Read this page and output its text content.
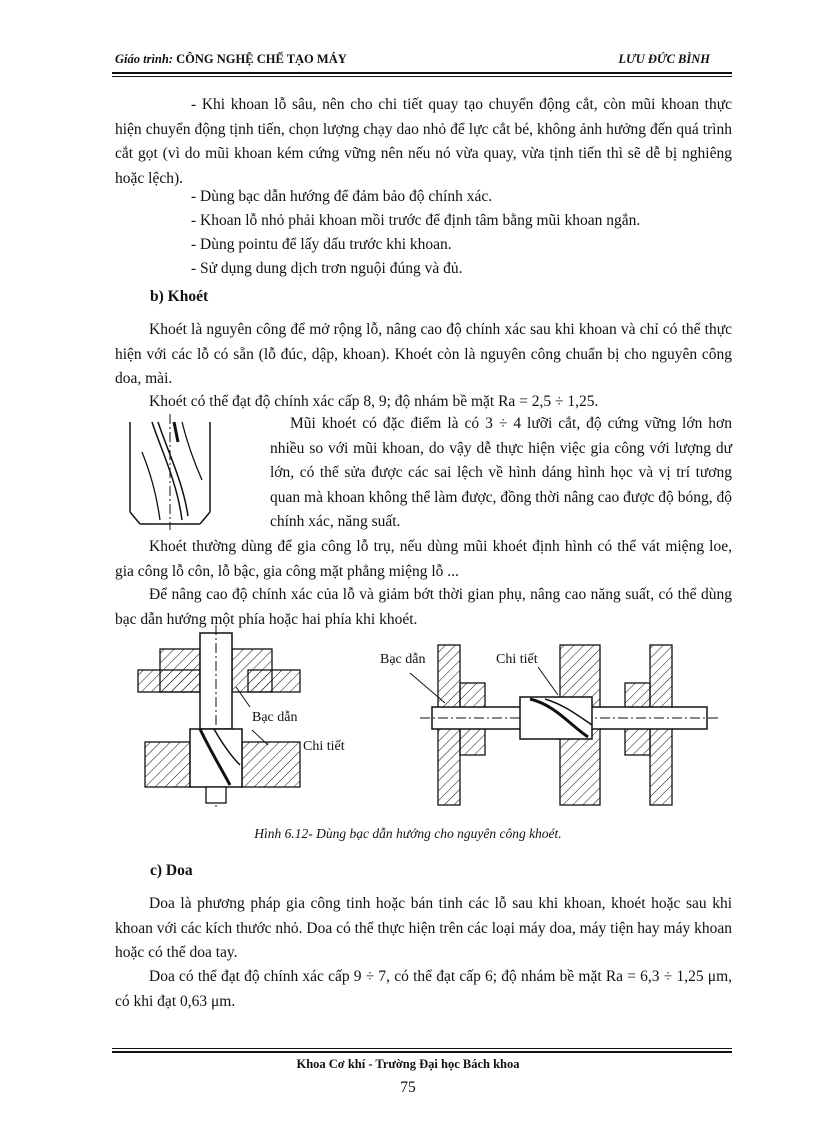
Giáo trình: CÔNG NGHỆ CHẾ TẠO MÁY	LƯU ĐỨC BÌNH

- Khi khoan lỗ sâu, nên cho chi tiết quay tạo chuyển động cắt, còn mũi khoan thực hiện chuyển động tịnh tiến, chọn lượng chạy dao nhỏ để lực cắt bé, không ảnh hưởng đến quá trình cắt gọt (vì do mũi khoan kém cứng vững nên nếu nó vừa quay, vừa tịnh tiến thì sẽ dễ bị nghiêng hoặc lệch).

- Dùng bạc dẫn hướng để đảm bảo độ chính xác.

- Khoan lỗ nhỏ phải khoan mồi trước để định tâm bằng mũi khoan ngắn.

- Dùng pointu để lấy dấu trước khi khoan.

- Sử dụng dung dịch trơn nguội đúng và đủ.

b) Khoét

Khoét là nguyên công để mở rộng lỗ, nâng cao độ chính xác sau khi khoan và chỉ có thể thực hiện với các lỗ có sẵn (lỗ đúc, dập, khoan). Khoét còn là nguyên công chuẩn bị cho nguyên công doa, mài.

Khoét có thể đạt độ chính xác cấp 8, 9; độ nhám bề mặt Ra = 2,5 ÷ 1,25.

Mũi khoét có đặc điểm là có 3 ÷ 4 lưỡi cắt, độ cứng vững lớn hơn nhiều so với mũi khoan, do vậy dễ thực hiện việc gia công với lượng dư lớn, có thể sửa được các sai lệch về hình dáng hình học và vị trí tương quan mà khoan không thể làm được, đồng thời nâng cao được độ bóng, độ chính xác, năng suất.

Khoét thường dùng để gia công lỗ trụ, nếu dùng mũi khoét định hình có thể vát miệng loe, gia công lỗ côn, lỗ bậc, gia công mặt phẳng miệng lỗ ...

Để nâng cao độ chính xác của lỗ và giảm bớt thời gian phụ, nâng cao năng suất, có thể dùng bạc dẫn hướng một phía hoặc hai phía khi khoét.

Bạc dẫn
Chi tiết
Bạc dẫn	Chi tiết
Hình 6.12- Dùng bạc dẫn hướng cho nguyên công khoét.

c) Doa

Doa là phương pháp gia công tinh hoặc bán tinh các lỗ sau khi khoan, khoét hoặc sau khi khoan với các kích thước nhỏ. Doa có thể thực hiện trên các loại máy doa, máy tiện hay máy khoan hoặc có thể doa tay.

Doa có thể đạt độ chính xác cấp 9 ÷ 7, có thể đạt cấp 6; độ nhám bề mặt Ra = 6,3 ÷ 1,25 μm, có khi đạt 0,63 μm.

Khoa Cơ khí - Trường Đại học Bách khoa
75
